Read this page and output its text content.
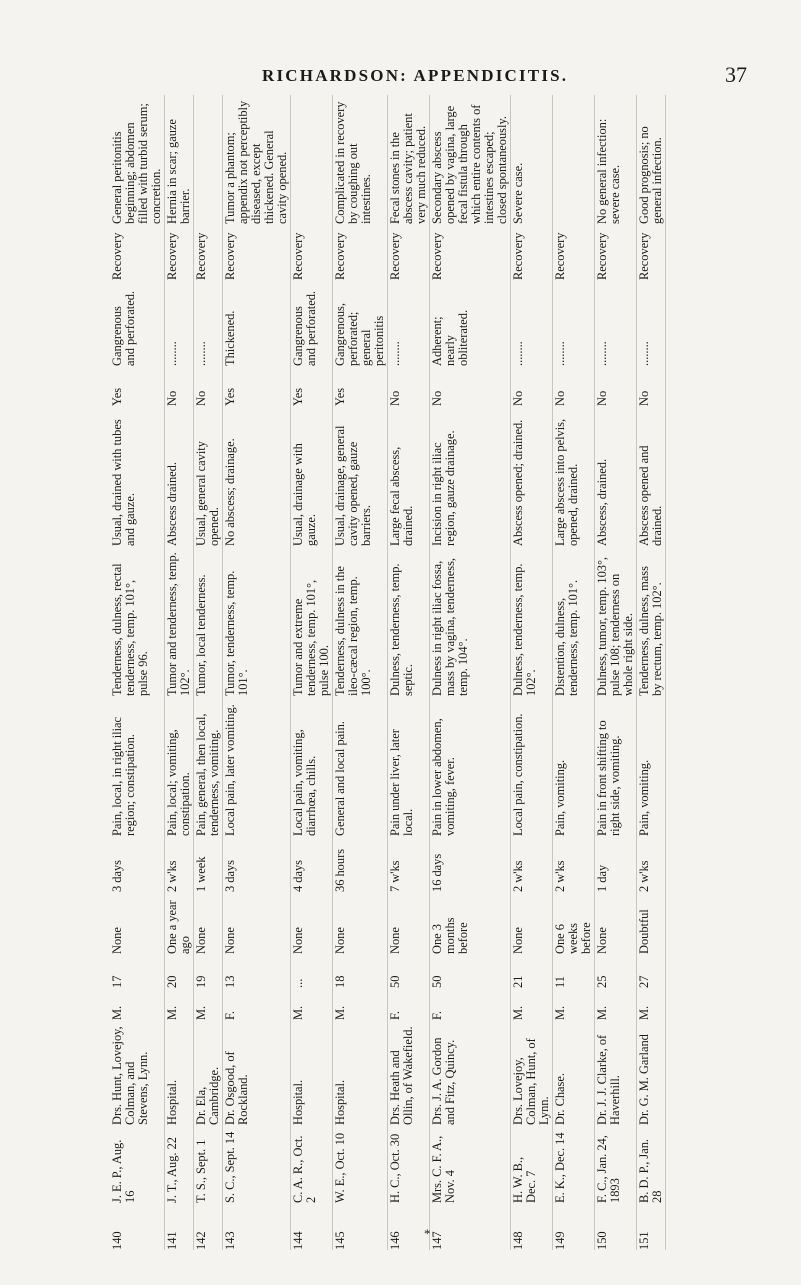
RICHARDSON: APPENDICITIS.	37
140	J. E. P., Aug. 16	Drs. Hunt, Lovejoy, Colman, and Stevens, Lynn.	M.	17	None	3 days	Pain, local, in right iliac region; constipation.	Tenderness, dulness, rectal tenderness, temp. 101°, pulse 96.	Usual, drained with tubes and gauze.	Yes	Gangrenous and perforated.	Recovery	General peritonitis beginning; abdomen filled with turbid serum; concretion.
141	J. T., Aug. 22	Hospital.	M.	20	One a year ago	2 w'ks	Pain, local; vomiting, constipation.	Tumor and tenderness, temp. 102°.	Abscess drained.	No	........	Recovery	Hernia in scar; gauze barrier.
142	T. S., Sept. 1	Dr. Ela, Cambridge.	M.	19	None	1 week	Pain, general, then local, tenderness, vomiting.	Tumor, local tenderness.	Usual, general cavity opened.	No	........	Recovery	
143	S. C., Sept. 14	Dr. Osgood, of Rockland.	F.	13	None	3 days	Local pain, later vomiting.	Tumor, tenderness, temp. 101°.	No abscess; drainage.	Yes	Thickened.	Recovery	Tumor a phantom; appendix not perceptibly diseased, except thickened. General cavity opened.
144	C. A. R., Oct. 2	Hospital.	M.	...	None	4 days	Local pain, vomiting, diarrhœa, chills.	Tumor and extreme tenderness, temp. 101°, pulse 100.	Usual, drainage with gauze.	Yes	Gangrenous and perforated.	Recovery	
145	W. E., Oct. 10	Hospital.	M.	18	None	36 hours	General and local pain.	Tenderness, dulness in the ileo-cæcal region, temp. 100°.	Usual, drainage, general cavity opened, gauze barriers.	Yes	Gangrenous, perforated; general peritonitis	Recovery	Complicated in recovery by coughing out intestines.
146	H. C., Oct. 30	Drs. Heath and Ollin, of Wakefield.	F.	50	None	7 w'ks	Pain under liver, later local.	Dulness, tenderness, temp. septic.	Large fecal abscess, drained.	No	........	Recovery	Fecal stones in the abscess cavity; patient very much reduced.
147	Mrs. C. F. A., Nov. 4	Drs. J. A. Gordon and Fitz, Quincy.	F.	50	One 3 months before	16 days	Pain in lower abdomen, vomiting, fever.	Dulness in right iliac fossa, mass by vagina, tenderness, temp. 104°.	Incision in right iliac region, gauze drainage.	No	Adherent; nearly obliterated.	Recovery	Secondary abscess opened by vagina, large fecal fistula through which entire contents of intestines escaped; closed spontaneously.
148	H. W. B., Dec. 7	Drs. Lovejoy, Colman, Hunt, of Lynn.	M.	21	None	2 w'ks	Local pain, constipation.	Dulness, tenderness, temp. 102°.	Abscess opened; drained.	No	........	Recovery	Severe case.
149	E. K., Dec. 14	Dr. Chase.	M.	11	One 6 weeks before	2 w'ks	Pain, vomiting.	Distention, dulness, tenderness, temp. 101°.	Large abscess into pelvis, opened, drained.	No	........	Recovery	
150	F. C., Jan. 24, 1893	Dr. J. J. Clarke, of Haverhill.	M.	25	None	1 day	Pain in front shifting to right side, vomiting.	Dulness, tumor, temp. 103°, pulse 108; tenderness on whole right side.	Abscess, drained.	No	........	Recovery	No general infection: severe case.
151	B. D. P., Jan. 28	Dr. G. M. Garland	M.	27	Doubtful	2 w'ks	Pain, vomiting.	Tenderness, dulness, mass by rectum, temp. 102°.	Abscess opened and drained.	No	........	Recovery	Good prognosis; no general infection.
*
